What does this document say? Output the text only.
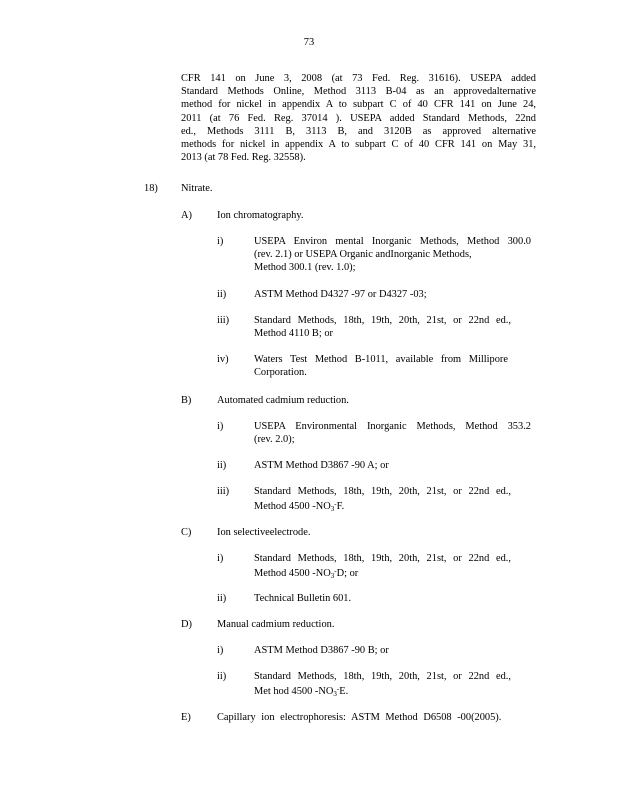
73
CFR 141 on June 3, 2008 (at 73 Fed. Reg. 31616). USEPA added
Standard Methods Online, Method 3113 B-04 as an approvedalternative
method for nickel in appendix A to subpart C of 40 CFR 141 on June 24,
2011 (at 76 Fed. Reg. 37014 ). USEPA added Standard Methods, 22nd
ed., Methods 3111 B, 3113 B, and 3120B as approved alternative
methods for nickel in appendix A to subpart C of 40 CFR 141 on May 31,
2013 (at 78 Fed. Reg. 32558).
18) Nitrate.
A) Ion chromatography.
i)	USEPA Environ mental Inorganic Methods, Method 300.0
(rev. 2.1) or USEPA Organic andInorganic Methods,
Method 300.1 (rev. 1.0);
ii)	ASTM Method D4327 -97 or D4327 -03;
iii) Standard Methods, 18th, 19th, 20th, 21st, or 22nd ed.,
Method 4110 B; or
iv) Waters Test Method B-1011, available from Millipore
Corporation.
B) Automated cadmium reduction.
i)	USEPA Environmental Inorganic Methods, Method 353.2
(rev. 2.0);
ii)	ASTM Method D3867 -90 A; or
iii) Standard Methods, 18th, 19th, 20th, 21st, or 22nd ed.,
Method 4500 $-NO_3^-F$.
C) Ion selectiveelectrode.
i)	Standard Methods, 18th, 19th, 20th, 21st, or 22nd ed.,
Method 4500 $-NO_3^-D$; or
ii)	Technical Bulletin 601.
D) Manual cadmium reduction.
i)	ASTM Method D3867 -90 B; or
ii)	Standard Methods, 18th, 19th, 20th, 21st, or 22nd ed.,
Met hod 4500 $-NO_3^-E$.
E)	Capillary ion electrophoresis: ASTM Method D6508 -00(2005).
